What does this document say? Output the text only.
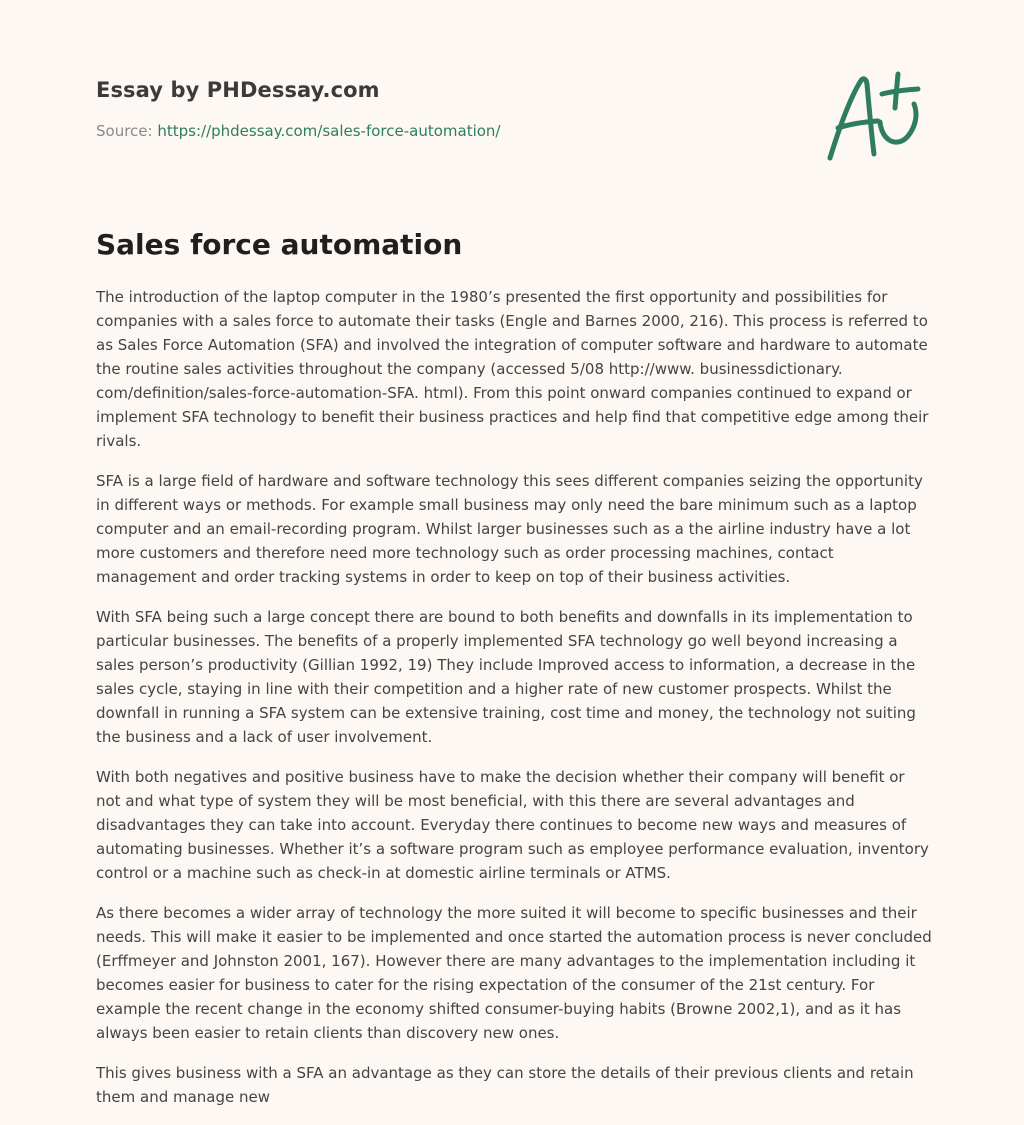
Essay by PHDessay.com
Source: https://phdessay.com/sales-force-automation/
Sales force automation

The introduction of the laptop computer in the 1980’s presented the first opportunity and possibilities for companies with a sales force to automate their tasks (Engle and Barnes 2000, 216). This process is referred to as Sales Force Automation (SFA) and involved the integration of computer software and hardware to automate the routine sales activities throughout the company (accessed 5/08 http://www. businessdictionary. com/definition/sales-force-automation-SFA. html). From this point onward companies continued to expand or implement SFA technology to benefit their business practices and help find that competitive edge among their rivals.

SFA is a large field of hardware and software technology this sees different companies seizing the opportunity in different ways or methods. For example small business may only need the bare minimum such as a laptop computer and an email-recording program. Whilst larger businesses such as a the airline industry have a lot more customers and therefore need more technology such as order processing machines, contact management and order tracking systems in order to keep on top of their business activities.

With SFA being such a large concept there are bound to both benefits and downfalls in its implementation to particular businesses. The benefits of a properly implemented SFA technology go well beyond increasing a sales person’s productivity (Gillian 1992, 19) They include Improved access to information, a decrease in the sales cycle, staying in line with their competition and a higher rate of new customer prospects. Whilst the downfall in running a SFA system can be extensive training, cost time and money, the technology not suiting the business and a lack of user involvement.

With both negatives and positive business have to make the decision whether their company will benefit or not and what type of system they will be most beneficial, with this there are several advantages and disadvantages they can take into account. Everyday there continues to become new ways and measures of automating businesses. Whether it’s a software program such as employee performance evaluation, inventory control or a machine such as check-in at domestic airline terminals or ATMS.

As there becomes a wider array of technology the more suited it will become to specific businesses and their needs. This will make it easier to be implemented and once started the automation process is never concluded (Erffmeyer and Johnston 2001, 167). However there are many advantages to the implementation including it becomes easier for business to cater for the rising expectation of the consumer of the 21st century. For example the recent change in the economy shifted consumer-buying habits (Browne 2002,1), and as it has always been easier to retain clients than discovery new ones.

This gives business with a SFA an advantage as they can store the details of their previous clients and retain them and manage new
